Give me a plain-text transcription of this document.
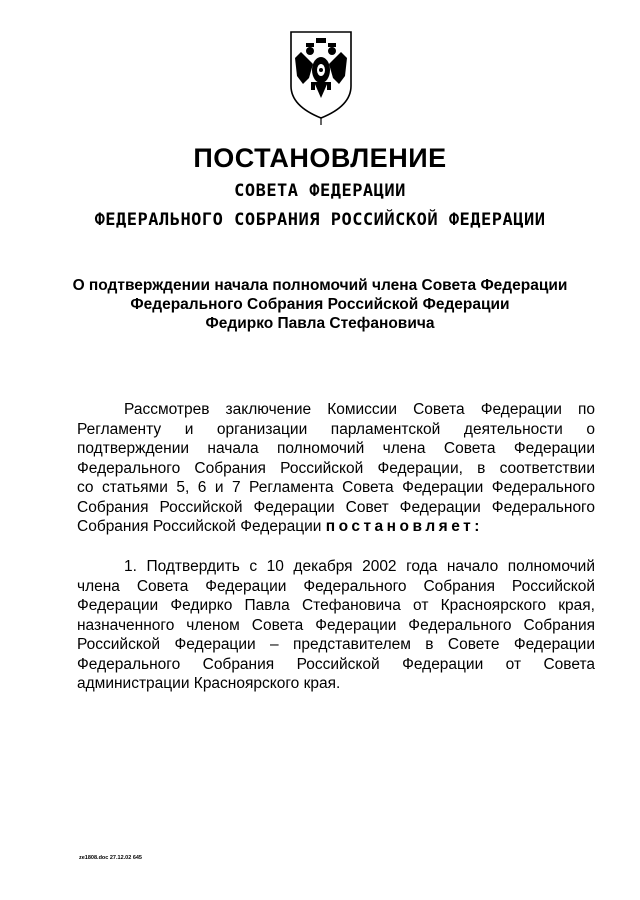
ПОСТАНОВЛЕНИЕ
СОВЕТА ФЕДЕРАЦИИ
ФЕДЕРАЛЬНОГО СОБРАНИЯ РОССИЙСКОЙ ФЕДЕРАЦИИ
О подтверждении начала полномочий члена Совета Федерации
Федерального Собрания Российской Федерации
Федирко Павла Стефановича
Рассмотрев заключение Комиссии Совета Федерации по
Регламенту и организации парламентской деятельности о
подтверждении начала полномочий члена Совета Федерации
Федерального Собрания Российской Федерации, в соответствии
со статьями 5, 6 и 7 Регламента Совета Федерации Федерального
Собрания Российской Федерации Совет Федерации Федерального
Собрания Российской Федерации постановляет:
1. Подтвердить с 10 декабря 2002 года начало полномочий
члена Совета Федерации Федерального Собрания Российской
Федерации Федирко Павла Стефановича от Красноярского края,
назначенного членом Совета Федерации Федерального Собрания
Российской Федерации – представителем в Совете Федерации
Федерального Собрания Российской Федерации от Совета
администрации Красноярского края.
ze1808.doc 27.12.02 645
